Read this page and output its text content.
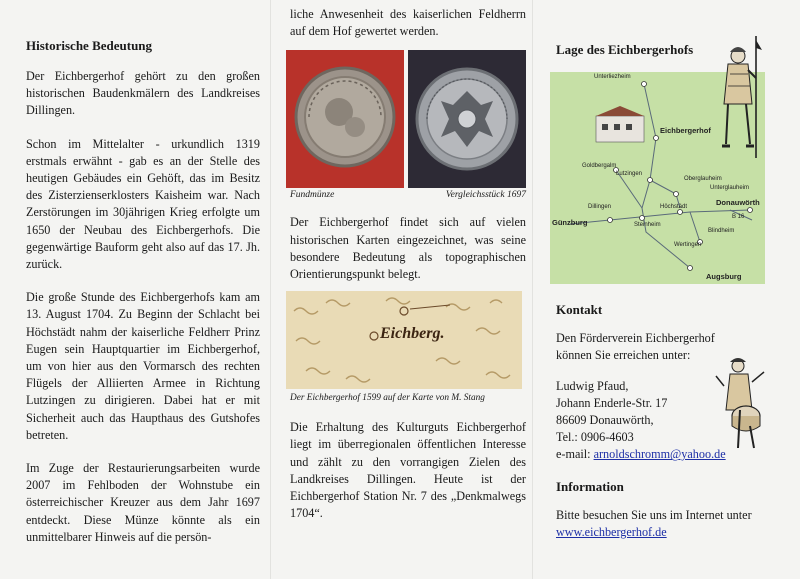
Historische Bedeutung

Der Eichbergerhof gehört zu den großen historischen Baudenkmälern des Landkreises Dillingen.

Schon im Mittelalter - urkundlich 1319 erstmals erwähnt - gab es an der Stelle des heutigen Gebäudes ein Gehöft, das im Besitz des Zisterzienserklosters Kaisheim war. Nach Zerstörungen im 30jährigen Krieg erfolgte um 1650 der Neubau des Eichbergerhofs. Die gegenwärtige Bauform geht also auf das 17. Jh. zurück.

Die große Stunde des Eichbergerhofs kam am 13. August 1704. Zu Beginn der Schlacht bei Höchstädt nahm der kaiserliche Feldherr Prinz Eugen sein Hauptquartier im Eichbergerhof, um von hier aus den Vormarsch des rechten Flügels der Alliierten Armee in Richtung Lutzingen zu dirigieren. Dabei hat er mit Sicherheit auch das Haupthaus des Gutshofes betreten.

Im Zuge der Restaurierungsarbeiten wurde 2007 im Fehlboden der Wohnstube ein österreichischer Kreuzer aus dem Jahr 1697 entdeckt. Diese Münze könnte als ein unmittelbarer Hinweis auf die persön-

liche Anwesenheit des kaiserlichen Feldherrn auf dem Hof gewertet werden.

Fundmünze	Vergleichsstück 1697

Der Eichbergerhof findet sich auf vielen historischen Karten eingezeichnet, was seine besondere Bedeutung als topographischen Orientierungspunkt belegt.

Eichberg.
Der Eichbergerhof 1599 auf der Karte von M. Stang

Die Erhaltung des Kulturguts Eichbergerhof liegt im überregionalen öffentlichen Interesse und zählt zu den vorrangigen Zielen des Landkreises Dillingen. Heute ist der Eichbergerhof Station Nr. 7 des „Denkmalwegs 1704“.

Lage des Eichbergerhofs
Unterliezheim
Eichbergerhof
Goldbergalm
Lutzingen
Oberglauheim
Unterglauheim
Dillingen	Höchstädt	Donauwörth
Günzburg	Steinheim
B 16
Blindheim
Wertingen
Augsburg
Kontakt

Den Förderverein Eichbergerhof können Sie erreichen unter:

Ludwig Pfaud,
Johann Enderle-Str. 17
86609 Donauwörth,
Tel.: 0906-4603
e-mail: arnoldschromm@yahoo.de
Information
Bitte besuchen Sie uns im Internet unter
www.eichbergerhof.de
